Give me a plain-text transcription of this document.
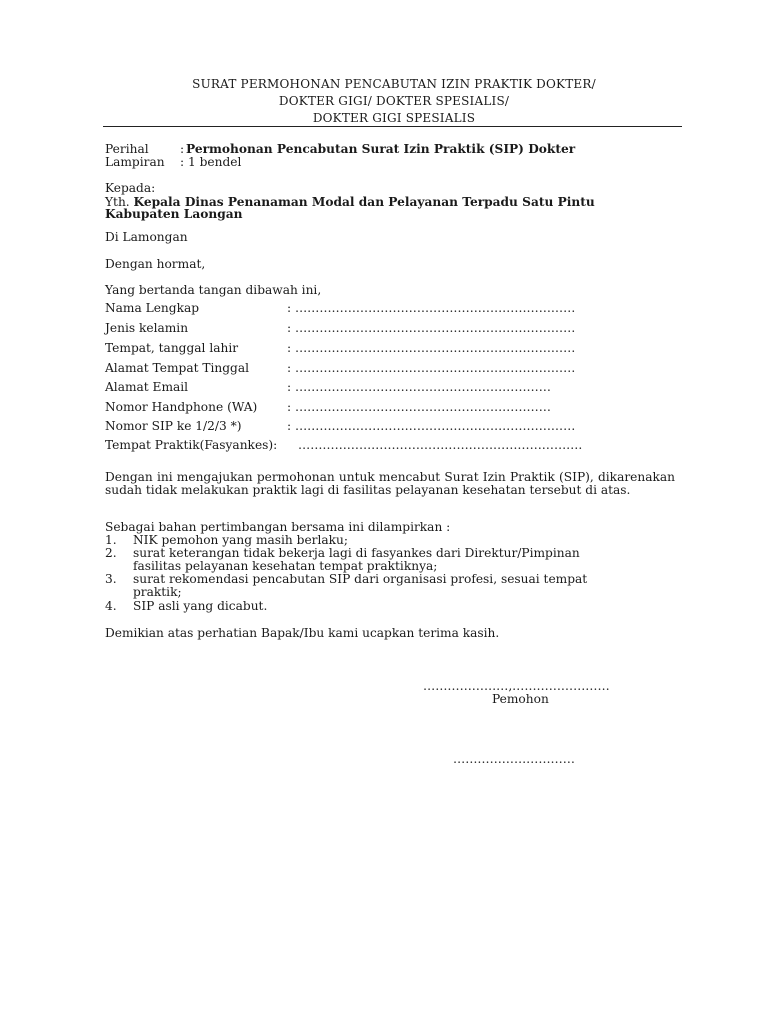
SURAT PERMOHONAN PENCABUTAN IZIN PRAKTIK DOKTER/
DOKTER GIGI/ DOKTER SPESIALIS/
DOKTER GIGI SPESIALIS
Perihal	: Permohonan Pencabutan Surat Izin Praktik (SIP) Dokter
Lampiran : 1 bendel
Kepada:
Yth. Kepala Dinas Penanaman Modal dan Pelayanan Terpadu Satu Pintu
Kabupaten Laongan
Di Lamongan
Dengan hormat,
Yang bertanda tangan dibawah ini,
Nama Lengkap	: ……………………………………………………………
Jenis kelamin	: ……………………………………………………………
Tempat, tanggal lahir	: ……………………………………………………………
Alamat Tempat Tinggal	: ……………………………………………………………
Alamat Email	: ………………………………………………………
Nomor Handphone (WA) : ………………………………………………………
Nomor SIP ke 1/2/3 *)	: ……………………………………………………………
Tempat Praktik(Fasyankes): …………………………………………………………….
Dengan ini mengajukan permohonan untuk mencabut Surat Izin Praktik (SIP), dikarenakan sudah tidak melakukan praktik lagi di fasilitas pelayanan kesehatan tersebut di atas.
Sebagai bahan pertimbangan bersama ini dilampirkan :
1. NIK pemohon yang masih berlaku;
2. surat keterangan tidak bekerja lagi di fasyankes dari Direktur/Pimpinan
fasilitas pelayanan kesehatan tempat praktiknya;
3. surat rekomendasi pencabutan SIP dari organisasi profesi, sesuai tempat
praktik;
4. SIP asli yang dicabut.
Demikian atas perhatian Bapak/Ibu kami ucapkan terima kasih.
…………………,……………………
Pemohon
…………………………
